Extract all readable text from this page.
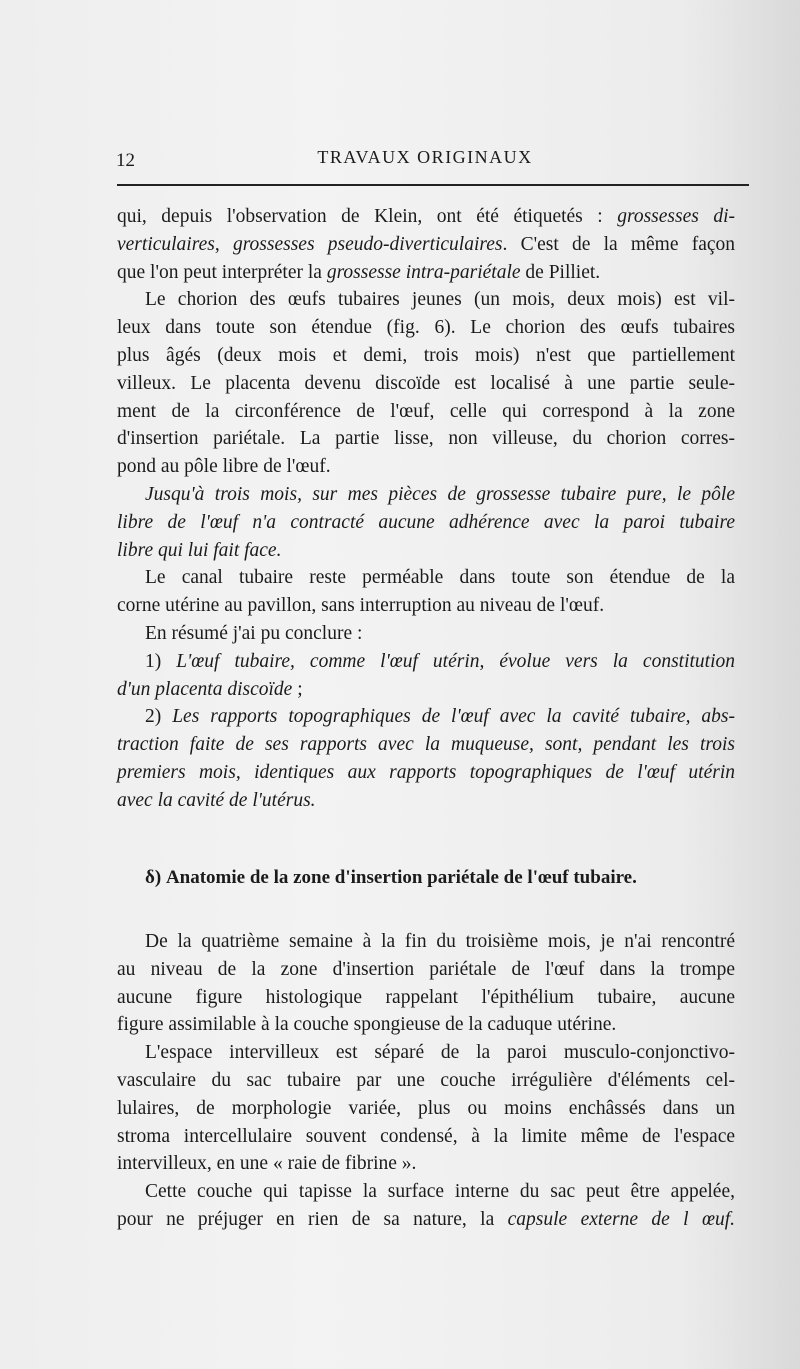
12	TRAVAUX ORIGINAUX
qui, depuis l'observation de Klein, ont été étiquetés : grossesses di-
verticulaires, grossesses pseudo-diverticulaires. C'est de la même façon
que l'on peut interpréter la grossesse intra-pariétale de Pilliet.
Le chorion des œufs tubaires jeunes (un mois, deux mois) est vil-
leux dans toute son étendue (fig. 6). Le chorion des œufs tubaires
plus âgés (deux mois et demi, trois mois) n'est que partiellement
villeux. Le placenta devenu discoïde est localisé à une partie seule-
ment de la circonférence de l'œuf, celle qui correspond à la zone
d'insertion pariétale. La partie lisse, non villeuse, du chorion corres-
pond au pôle libre de l'œuf.
Jusqu'à trois mois, sur mes pièces de grossesse tubaire pure, le pôle
libre de l'œuf n'a contracté aucune adhérence avec la paroi tubaire
libre qui lui fait face.
Le canal tubaire reste perméable dans toute son étendue de la
corne utérine au pavillon, sans interruption au niveau de l'œuf.
En résumé j'ai pu conclure :
1) L'œuf tubaire, comme l'œuf utérin, évolue vers la constitution
d'un placenta discoïde ;
2) Les rapports topographiques de l'œuf avec la cavité tubaire, abs-
traction faite de ses rapports avec la muqueuse, sont, pendant les trois
premiers mois, identiques aux rapports topographiques de l'œuf utérin
avec la cavité de l'utérus.
δ) Anatomie de la zone d'insertion pariétale de l'œuf tubaire.
De la quatrième semaine à la fin du troisième mois, je n'ai rencontré
au niveau de la zone d'insertion pariétale de l'œuf dans la trompe
aucune figure histologique rappelant l'épithélium tubaire, aucune
figure assimilable à la couche spongieuse de la caduque utérine.
L'espace intervilleux est séparé de la paroi musculo-conjonctivo-
vasculaire du sac tubaire par une couche irrégulière d'éléments cel-
lulaires, de morphologie variée, plus ou moins enchâssés dans un
stroma intercellulaire souvent condensé, à la limite même de l'espace
intervilleux, en une « raie de fibrine ».
Cette couche qui tapisse la surface interne du sac peut être appelée,
pour ne préjuger en rien de sa nature, la capsule externe de l œuf.
